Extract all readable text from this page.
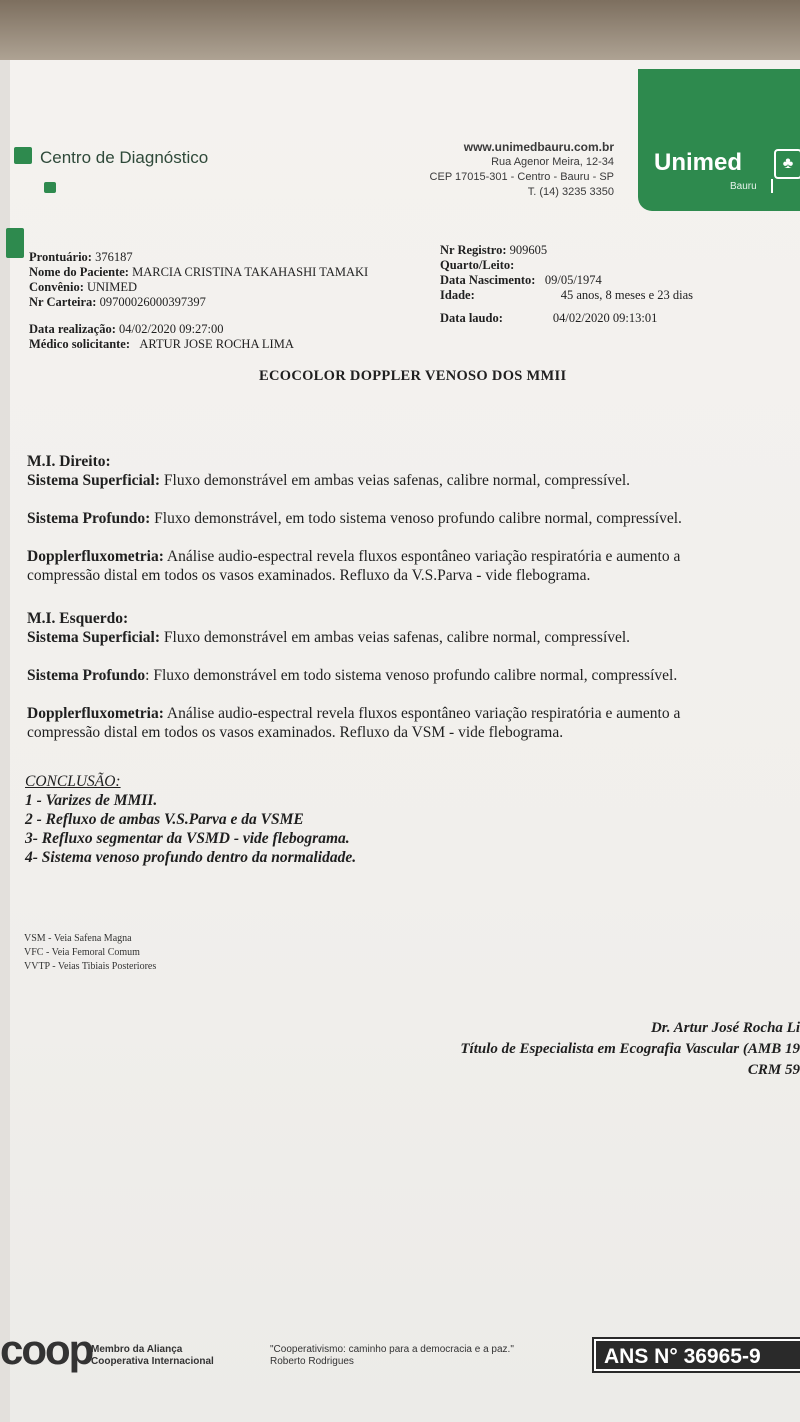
Centro de Diagnóstico
www.unimedbauru.com.br
Rua Agenor Meira, 12-34
CEP 17015-301 - Centro - Bauru - SP
T. (14) 3235 3350
Unimed	♣
Bauru
Prontuário: 376187
Nome do Paciente: MARCIA CRISTINA TAKAHASHI TAMAKI
Convênio: UNIMED
Nr Carteira: 09700026000397397
Data realização: 04/02/2020 09:27:00
Médico solicitante: ARTUR JOSE ROCHA LIMA
Nr Registro: 909605
Quarto/Leito:
Data Nascimento: 09/05/1974
Idade:	45 anos, 8 meses e 23 dias
Data laudo:	04/02/2020 09:13:01
ECOCOLOR DOPPLER VENOSO DOS MMII
M.I. Direito:
Sistema Superficial: Fluxo demonstrável em ambas veias safenas, calibre normal, compressível.
Sistema Profundo: Fluxo demonstrável, em todo sistema venoso profundo calibre normal, compressível.
Dopplerfluxometria: Análise audio-espectral revela fluxos espontâneo variação respiratória e aumento a
compressão distal em todos os vasos examinados. Refluxo da V.S.Parva - vide flebograma.
M.I. Esquerdo:
Sistema Superficial: Fluxo demonstrável em ambas veias safenas, calibre normal, compressível.
Sistema Profundo: Fluxo demonstrável em todo sistema venoso profundo calibre normal, compressível.
Dopplerfluxometria: Análise audio-espectral revela fluxos espontâneo variação respiratória e aumento a
compressão distal em todos os vasos examinados. Refluxo da VSM - vide flebograma.
CONCLUSÃO:
1 - Varizes de MMII.
2 - Refluxo de ambas V.S.Parva e da VSME
3- Refluxo segmentar da VSMD - vide flebograma.
4- Sistema venoso profundo dentro da normalidade.
VSM - Veia Safena Magna
VFC - Veia Femoral Comum
VVTP - Veias Tibiais Posteriores
Dr. Artur José Rocha Li
Título de Especialista em Ecografia Vascular (AMB 19
CRM 59
coop
Membro da Aliança
Cooperativa Internacional
"Cooperativismo: caminho para a democracia e a paz."
Roberto Rodrigues	ANS N° 36965-9
